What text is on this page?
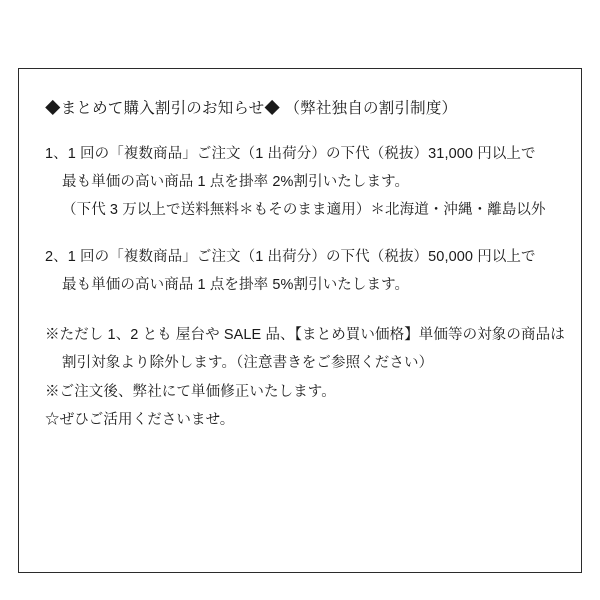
◆まとめて購入割引のお知らせ◆ （弊社独自の割引制度）

1、1 回の「複数商品」ご注文（1 出荷分）の下代（税抜）31,000 円以上で
最も単価の高い商品 1 点を掛率 2%割引いたします。
（下代 3 万以上で送料無料＊もそのまま適用）＊北海道・沖縄・離島以外
2、1 回の「複数商品」ご注文（1 出荷分）の下代（税抜）50,000 円以上で
最も単価の高い商品 1 点を掛率 5%割引いたします。
※ただし 1、2 とも 屋台や SALE 品、【まとめ買い価格】単価等の対象の商品は
割引対象より除外します。（注意書きをご参照ください）
※ご注文後、弊社にて単価修正いたします。
☆ぜひご活用くださいませ。
